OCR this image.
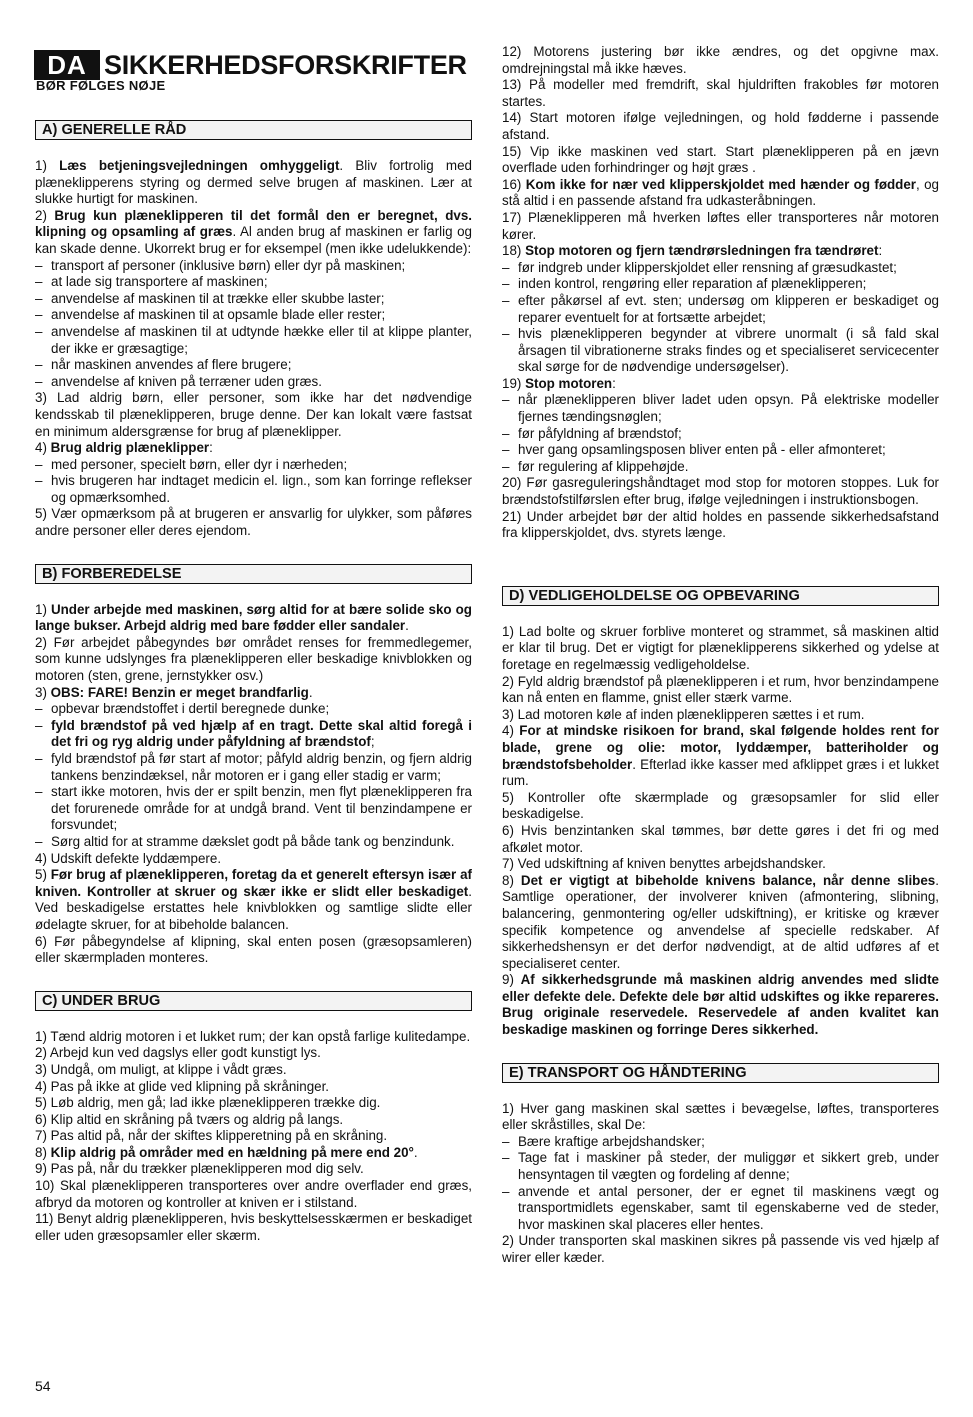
DA SIKKERHEDSFORSKRIFTER
BØR FØLGES NØJE
A) GENERELLE RÅD
1) Læs betjeningsvejledningen omhyggeligt. Bliv fortrolig med plæneklipperens styring og dermed selve brugen af maskinen. Lær at slukke hurtigt for maskinen.
2) Brug kun plæneklipperen til det formål den er beregnet, dvs. klipning og opsamling af græs. Al anden brug af maskinen er farlig og kan skade denne. Ukorrekt brug er for eksempel (men ikke udelukkende):
– transport af personer (inklusive børn) eller dyr på maskinen;
– at lade sig transportere af maskinen;
– anvendelse af maskinen til at trække eller skubbe laster;
– anvendelse af maskinen til at opsamle blade eller rester;
– anvendelse af maskinen til at udtynde hække eller til at klippe planter, der ikke er græsagtige;
– når maskinen anvendes af flere brugere;
– anvendelse af kniven på terræner uden græs.
3) Lad aldrig børn, eller personer, som ikke har det nødvendige kendsskab til plæneklipperen, bruge denne. Der kan lokalt være fastsat en minimum aldersgrænse for brug af plæneklipper.
4) Brug aldrig plæneklipper:
– med personer, specielt børn, eller dyr i nærheden;
– hvis brugeren har indtaget medicin el. lign., som kan forringe reflekser og opmærksomhed.
5) Vær opmærksom på at brugeren er ansvarlig for ulykker, som påføres andre personer eller deres ejendom.
B) FORBEREDELSE
1) Under arbejde med maskinen, sørg altid for at bære solide sko og lange bukser. Arbejd aldrig med bare fødder eller sandaler.
2) Før arbejdet påbegyndes bør området renses for fremmedlegemer, som kunne udslynges fra plæneklipperen eller beskadige knivblokken og motoren (sten, grene, jernstykker osv.)
3) OBS: FARE! Benzin er meget brandfarlig.
– opbevar brændstoffet i dertil beregnede dunke;
– fyld brændstof på ved hjælp af en tragt. Dette skal altid foregå i det fri og ryg aldrig under påfyldning af brændstof;
– fyld brændstof på før start af motor; påfyld aldrig benzin, og fjern aldrig tankens benzindæksel, når motoren er i gang eller stadig er varm;
– start ikke motoren, hvis der er spilt benzin, men flyt plæneklipperen fra det forurenede område for at undgå brand. Vent til benzindampene er forsvundet;
– Sørg altid for at stramme dækslet godt på både tank og benzindunk.
4) Udskift defekte lyddæmpere.
5) Før brug af plæneklipperen, foretag da et generelt eftersyn især af kniven. Kontroller at skruer og skær ikke er slidt eller beskadiget. Ved beskadigelse erstattes hele knivblokken og samtlige slidte eller ødelagte skruer, for at bibeholde balancen.
6) Før påbegyndelse af klipning, skal enten posen (græsopsamleren) eller skærmpladen monteres.
C) UNDER BRUG
1) Tænd aldrig motoren i et lukket rum; der kan opstå farlige kulitedampe.
2) Arbejd kun ved dagslys eller godt kunstigt lys.
3) Undgå, om muligt, at klippe i vådt græs.
4) Pas på ikke at glide ved klipning på skråninger.
5) Løb aldrig, men gå; lad ikke plæneklipperen trække dig.
6) Klip altid en skråning på tværs og aldrig på langs.
7) Pas altid på, når der skiftes klipperetning på en skråning.
8) Klip aldrig på områder med en hældning på mere end 20°.
9) Pas på, når du trækker plæneklipperen mod dig selv.
10) Skal plæneklipperen transporteres over andre overflader end græs, afbryd da motoren og kontroller at kniven er i stilstand.
11) Benyt aldrig plæneklipperen, hvis beskyttelsesskærmen er beskadiget eller uden græsopsamler eller skærm.
12) Motorens justering bør ikke ændres, og det opgivne max. omdrejningstal må ikke hæves.
13) På modeller med fremdrift, skal hjuldriften frakobles før motoren startes.
14) Start motoren ifølge vejledningen, og hold fødderne i passende afstand.
15) Vip ikke maskinen ved start. Start plæneklipperen på en jævn overflade uden forhindringer og højt græs .
16) Kom ikke for nær ved klipperskjoldet med hænder og fødder, og stå altid i en passende afstand fra udkasteråbningen.
17) Plæneklipperen må hverken løftes eller transporteres når motoren kører.
18) Stop motoren og fjern tændrørsledningen fra tændrøret:
– før indgreb under klipperskjoldet eller rensning af græsudkastet;
– inden kontrol, rengøring eller reparation af plæneklipperen;
– efter påkørsel af evt. sten; undersøg om klipperen er beskadiget og reparer eventuelt for at fortsætte arbejdet;
– hvis plæneklipperen begynder at vibrere unormalt (i så fald skal årsagen til vibrationerne straks findes og et specialiseret servicecenter skal sørge for de nødvendige undersøgelser).
19) Stop motoren:
– når plæneklipperen bliver ladet uden opsyn. På elektriske modeller fjernes tændingsnøglen;
– før påfyldning af brændstof;
– hver gang opsamlingsposen bliver enten på - eller afmonteret;
– før regulering af klippehøjde.
20) Før gasreguleringshåndtaget mod stop for motoren stoppes. Luk for brændstofstilførslen efter brug, ifølge vejledningen i instruktionsbogen.
21) Under arbejdet bør der altid holdes en passende sikkerhedsafstand fra klipperskjoldet, dvs. styrets længe.
D) VEDLIGEHOLDELSE OG OPBEVARING
1) Lad bolte og skruer forblive monteret og strammet, så maskinen altid er klar til brug. Det er vigtigt for plæneklipperens sikkerhed og ydelse at foretage en regelmæssig vedligeholdelse.
2) Fyld aldrig brændstof på plæneklipperen i et rum, hvor benzindampene kan nå enten en flamme, gnist eller stærk varme.
3) Lad motoren køle af inden plæneklipperen sættes i et rum.
4) For at mindske risikoen for brand, skal følgende holdes rent for blade, grene og olie: motor, lyddæmper, batteriholder og brændstofsbeholder. Efterlad ikke kasser med afklippet græs i et lukket rum.
5) Kontroller ofte skærmplade og græsopsamler for slid eller beskadigelse.
6) Hvis benzintanken skal tømmes, bør dette gøres i det fri og med afkølet motor.
7) Ved udskiftning af kniven benyttes arbejdshandsker.
8) Det er vigtigt at bibeholde knivens balance, når denne slibes. Samtlige operationer, der involverer kniven (afmontering, slibning, balancering, genmontering og/eller udskiftning), er kritiske og kræver specifik kompetence og anvendelse af specielle redskaber. Af sikkerhedshensyn er det derfor nødvendigt, at de altid udføres af et specialiseret center.
9) Af sikkerhedsgrunde må maskinen aldrig anvendes med slidte eller defekte dele. Defekte dele bør altid udskiftes og ikke repareres. Brug originale reservedele. Reservedele af anden kvalitet kan beskadige maskinen og forringe Deres sikkerhed.
E) TRANSPORT OG HÅNDTERING
1) Hver gang maskinen skal sættes i bevægelse, løftes, transporteres eller skråstilles, skal De:
– Bære kraftige arbejdshandsker;
– Tage fat i maskiner på steder, der muliggør et sikkert greb, under hensyntagen til vægten og fordeling af denne;
– anvende et antal personer, der er egnet til maskinens vægt og transportmidlets egenskaber, samt til egenskaberne ved de steder, hvor maskinen skal placeres eller hentes.
2) Under transporten skal maskinen sikres på passende vis ved hjælp af wirer eller kæder.
54
